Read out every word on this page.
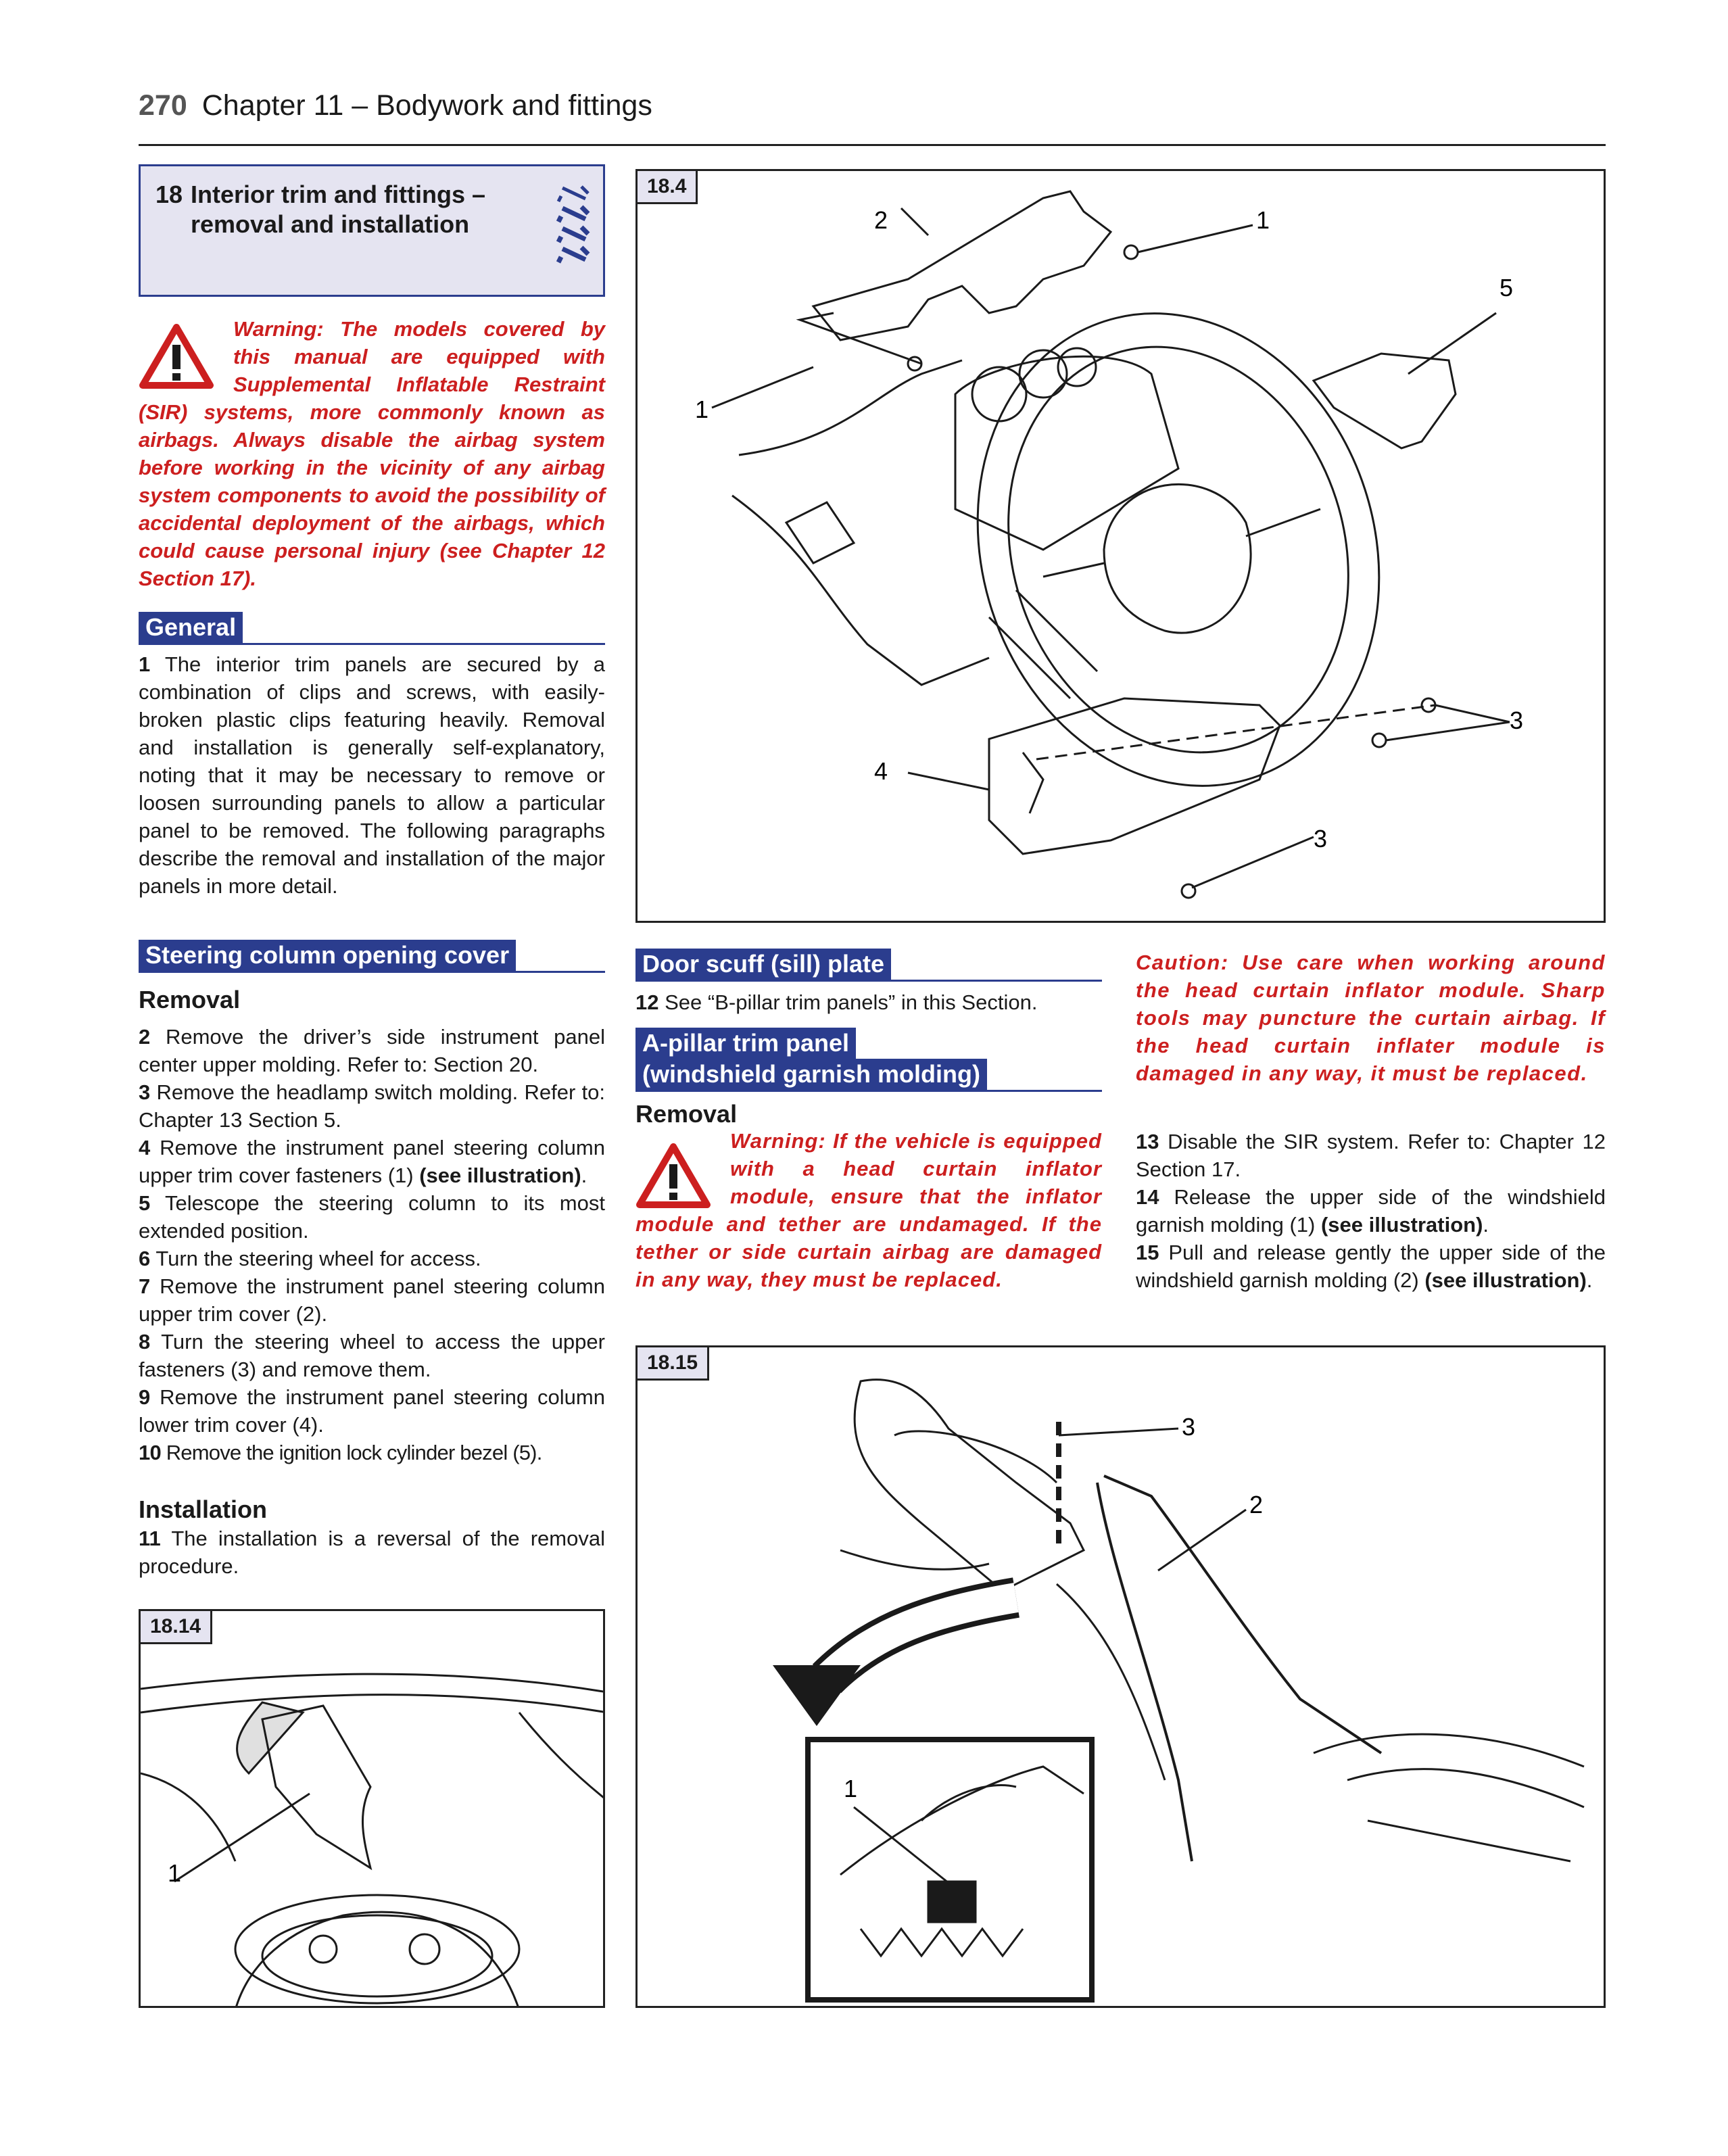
270 Chapter 11 – Bodywork and fittings
18 Interior trim and fittings –
removal and installation
Warning: The models covered by this manual are equipped with Supplemental Inflatable Restraint (SIR) systems, more commonly known as airbags. Always disable the airbag system before working in the vicinity of any airbag system components to avoid the possibility of accidental deployment of the airbags, which could cause personal injury (see Chapter 12 Section 17).
General

1 The interior trim panels are secured by a combination of clips and screws, with easily-broken plastic clips featuring heavily. Removal and installation is generally self-explanatory, noting that it may be necessary to remove or loosen surrounding panels to allow a particular panel to be removed. The following paragraphs describe the removal and installation of the major panels in more detail.

Steering column opening cover
Removal

2 Remove the driver’s side instrument panel center upper molding. Refer to: Section 20.

3 Remove the headlamp switch molding. Refer to: Chapter 13 Section 5.

4 Remove the instrument panel steering column upper trim cover fasteners (1) (see illustration).

5 Telescope the steering column to its most extended position.

6 Turn the steering wheel for access.

7 Remove the instrument panel steering column upper trim cover (2).

8 Turn the steering wheel to access the upper fasteners (3) and remove them.

9 Remove the instrument panel steering column lower trim cover (4).

10 Remove the ignition lock cylinder bezel (5).

Installation

11 The installation is a reversal of the removal procedure.

18.4
2	1
5
1
3
4
3
Door scuff (sill) plate

12 See “B-pillar trim panels” in this Section.

A-pillar trim panel
(windshield garnish molding)
Removal
Warning: If the vehicle is equipped with a head curtain inflator module, ensure that the inflator module and tether are undamaged. If the tether or side curtain airbag are damaged in any way, they must be replaced.
Caution: Use care when working around the head curtain inflator module. Sharp tools may puncture the curtain airbag. If the head curtain inflater module is damaged in any way, it must be replaced.

13 Disable the SIR system. Refer to: Chapter 12 Section 17.

14 Release the upper side of the windshield garnish molding (1) (see illustration).

15 Pull and release gently the upper side of the windshield garnish molding (2) (see illustration).

18.15
3
2
1
18.14
1
